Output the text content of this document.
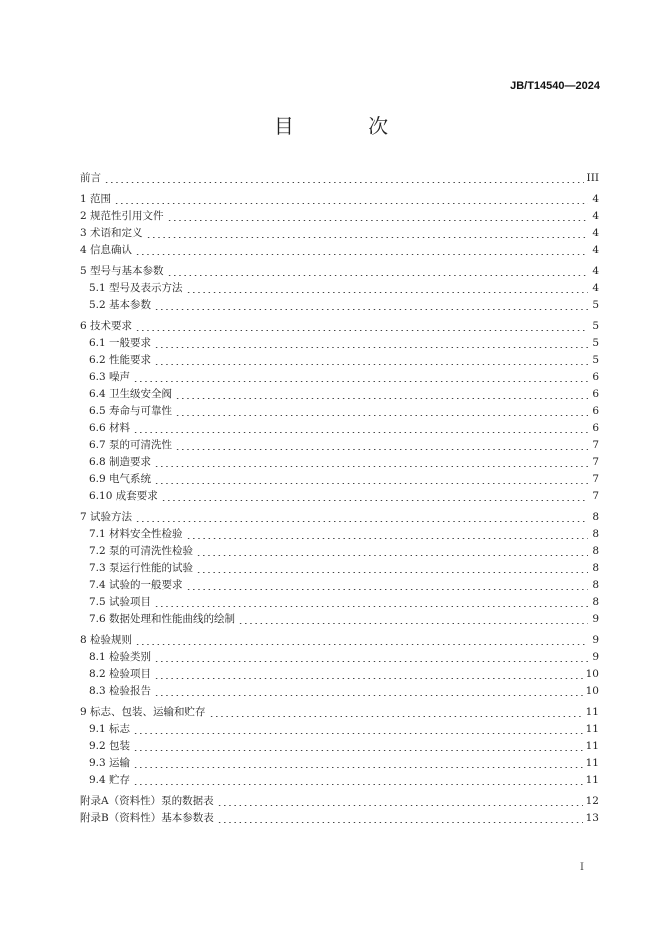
JB/T14540—2024
目 次
前言	III
1 范围	4
2 规范性引用文件	4
3 术语和定义	4
4 信息确认	4
5 型号与基本参数	4
5.1 型号及表示方法	4
5.2 基本参数	5
6 技术要求	5
6.1 一般要求	5
6.2 性能要求	5
6.3 噪声	6
6.4 卫生级安全阀	6
6.5 寿命与可靠性	6
6.6 材料	6
6.7 泵的可清洗性	7
6.8 制造要求	7
6.9 电气系统	7
6.10 成套要求	7
7 试验方法	8
7.1 材料安全性检验	8
7.2 泵的可清洗性检验	8
7.3 泵运行性能的试验	8
7.4 试验的一般要求	8
7.5 试验项目	8
7.6 数据处理和性能曲线的绘制	9
8 检验规则	9
8.1 检验类别	9
8.2 检验项目	10
8.3 检验报告	10
9 标志、包装、运输和贮存	11
9.1 标志	11
9.2 包装	11
9.3 运输	11
9.4 贮存	11
附录A（资料性）泵的数据表	12
附录B（资料性）基本参数表	13
I
